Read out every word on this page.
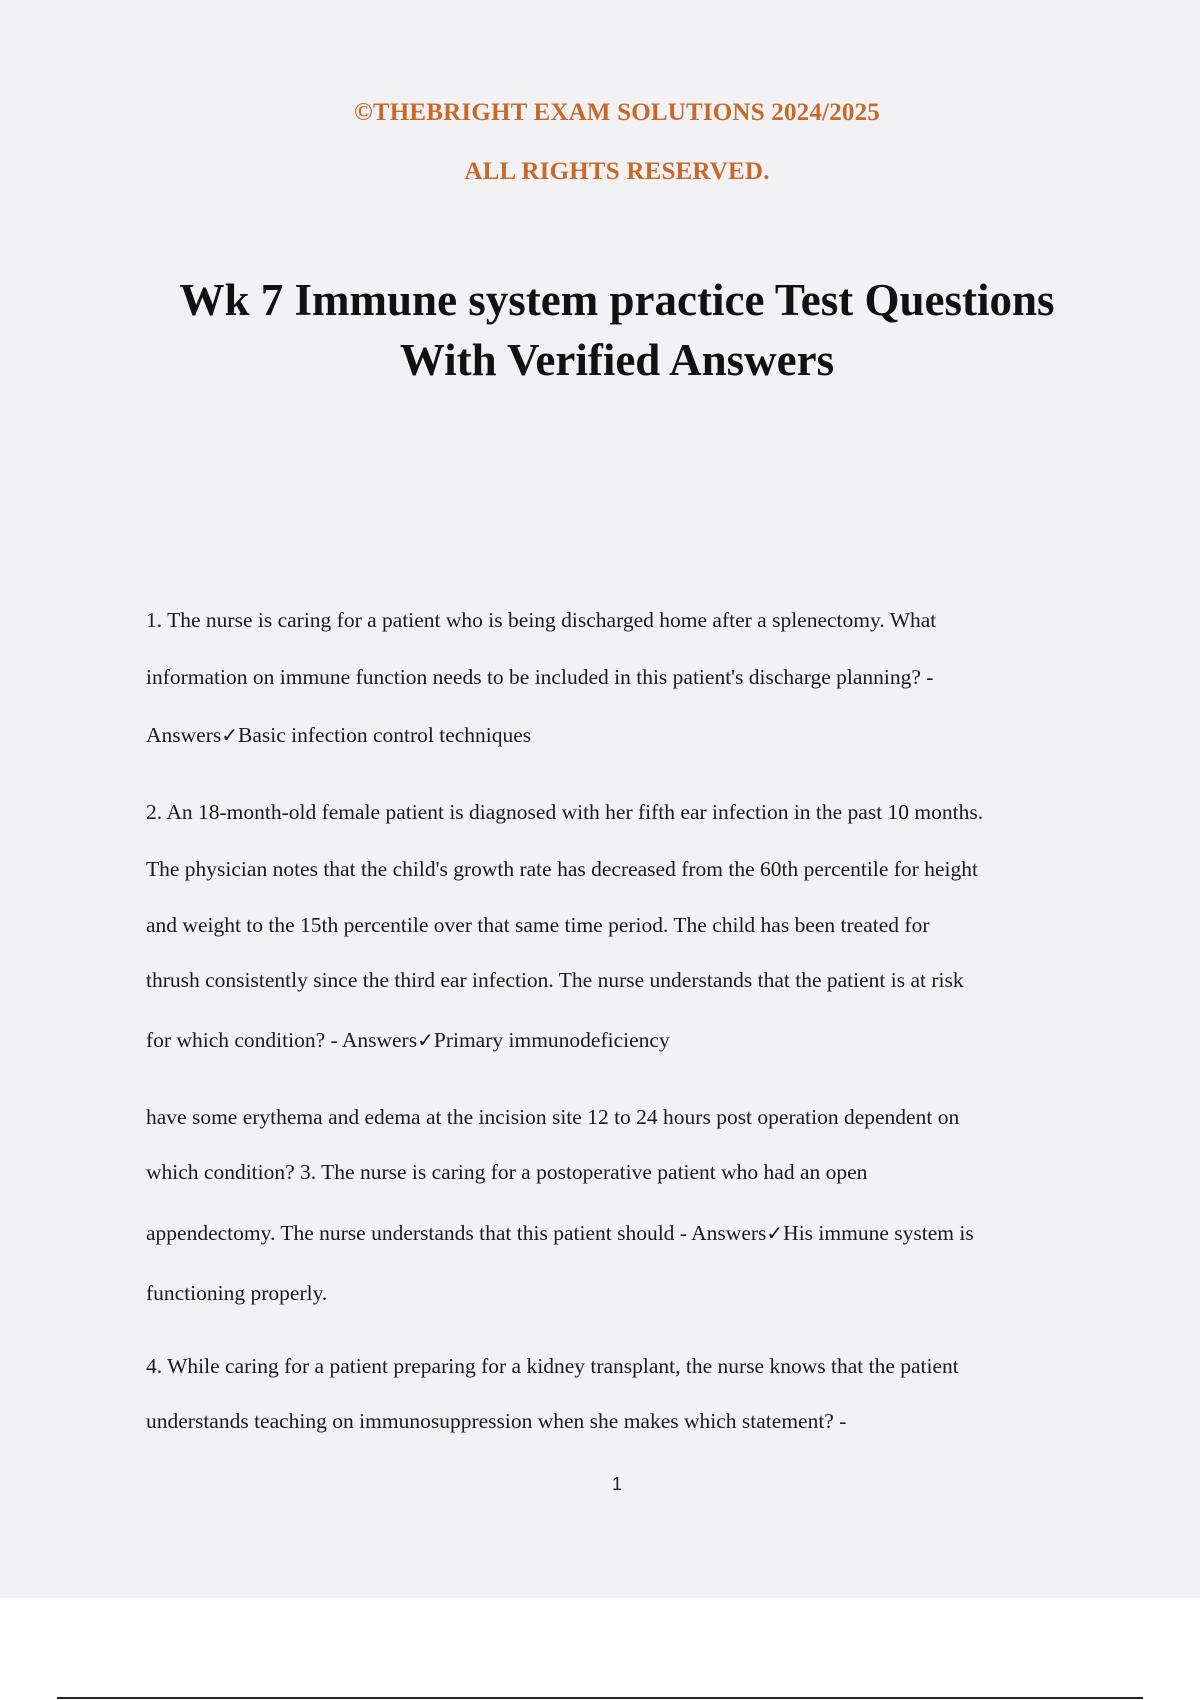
©THEBRIGHT EXAM SOLUTIONS 2024/2025
ALL RIGHTS RESERVED.
Wk 7 Immune system practice Test Questions
With Verified Answers
1. The nurse is caring for a patient who is being discharged home after a splenectomy. What
information on immune function needs to be included in this patient's discharge planning? -
Answers✓Basic infection control techniques
2. An 18-month-old female patient is diagnosed with her fifth ear infection in the past 10 months.
The physician notes that the child's growth rate has decreased from the 60th percentile for height
and weight to the 15th percentile over that same time period. The child has been treated for
thrush consistently since the third ear infection. The nurse understands that the patient is at risk
for which condition? - Answers✓Primary immunodeficiency
have some erythema and edema at the incision site 12 to 24 hours post operation dependent on
which condition? 3. The nurse is caring for a postoperative patient who had an open
appendectomy. The nurse understands that this patient should - Answers✓His immune system is
functioning properly.
4. While caring for a patient preparing for a kidney transplant, the nurse knows that the patient
understands teaching on immunosuppression when she makes which statement? -
1
